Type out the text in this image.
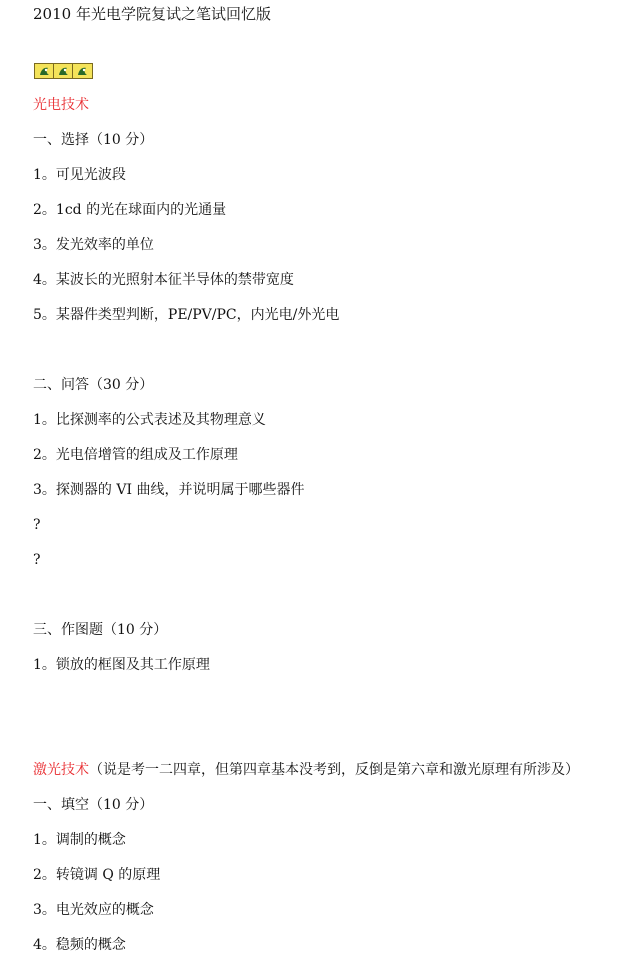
2010 年光电学院复试之笔试回忆版
光电技术
一、选择（10 分）
1。可见光波段
2。1cd 的光在球面内的光通量
3。发光效率的单位
4。某波长的光照射本征半导体的禁带宽度
5。某器件类型判断，PE/PV/PC，内光电/外光电
二、问答（30 分）
1。比探测率的公式表述及其物理意义
2。光电倍增管的组成及工作原理
3。探测器的 VI 曲线，并说明属于哪些器件
?
?
三、作图题（10 分）
1。锁放的框图及其工作原理
激光技术（说是考一二四章，但第四章基本没考到，反倒是第六章和激光原理有所涉及）
一、填空（10 分）
1。调制的概念
2。转镜调 Q 的原理
3。电光效应的概念
4。稳频的概念
